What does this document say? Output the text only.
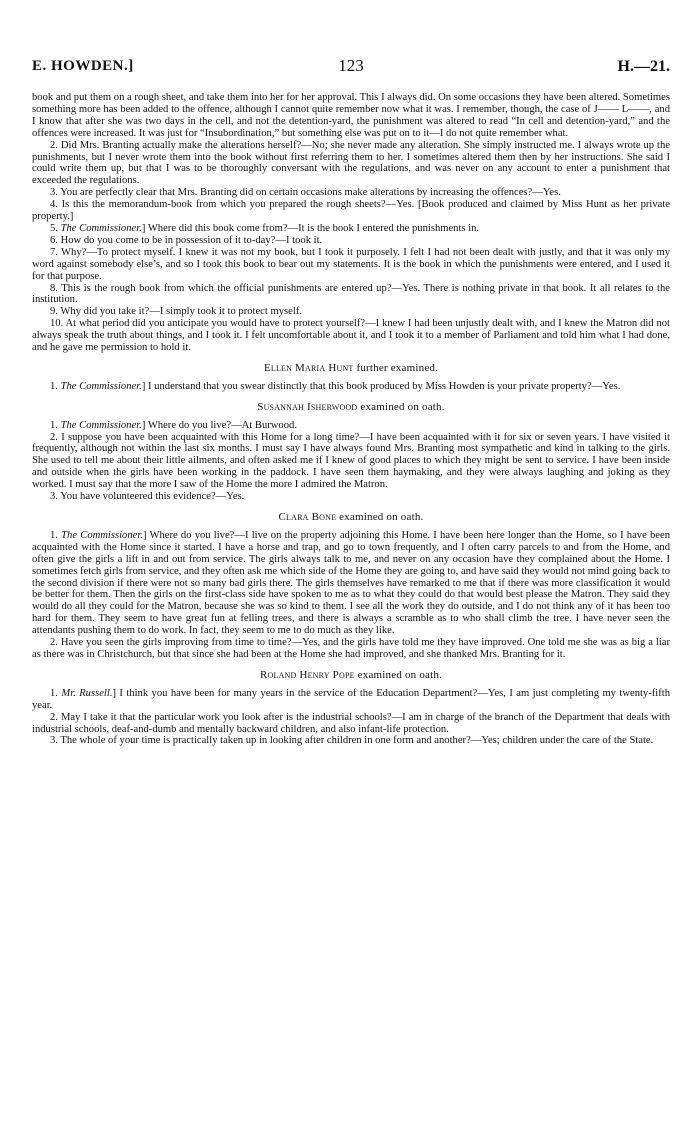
E. HOWDEN.]	123	H.—21.

book and put them on a rough sheet, and take them into her for her approval. This I always did. On some occasions they have been altered. Sometimes something more has been added to the offence, although I cannot quite remember now what it was. I remember, though, the case of J—— L——, and I know that after she was two days in the cell, and not the detention-yard, the punishment was altered to read “In cell and detention-yard,” and the offences were increased. It was just for “Insubordination,” but something else was put on to it—I do not quite remember what.

2. Did Mrs. Branting actually make the alterations herself?—No; she never made any alteration. She simply instructed me. I always wrote up the punishments, but I never wrote them into the book without first referring them to her. I sometimes altered them then by her instructions. She said I could write them up, but that I was to be thoroughly conversant with the regulations, and was never on any account to enter a punishment that exceeded the regulations.

3. You are perfectly clear that Mrs. Branting did on certain occasions make alterations by increasing the offences?—Yes.

4. Is this the memorandum-book from which you prepared the rough sheets?—Yes. [Book produced and claimed by Miss Hunt as her private property.]

5. The Commissioner.] Where did this book come from?—It is the book I entered the punishments in.

6. How do you come to be in possession of it to-day?—I took it.

7. Why?—To protect myself. I knew it was not my book, but I took it purposely. I felt I had not been dealt with justly, and that it was only my word against somebody else’s, and so I took this book to bear out my statements. It is the book in which the punishments were entered, and I used it for that purpose.

8. This is the rough book from which the official punishments are entered up?—Yes. There is nothing private in that book. It all relates to the institution.

9. Why did you take it?—I simply took it to protect myself.

10. At what period did you anticipate you would have to protect yourself?—I knew I had been unjustly dealt with, and I knew the Matron did not always speak the truth about things, and I took it. I felt uncomfortable about it, and I took it to a member of Parliament and told him what I had done, and he gave me permission to hold it.

Ellen Maria Hunt further examined.

1. The Commissioner.] I understand that you swear distinctly that this book produced by Miss Howden is your private property?—Yes.

Susannah Isherwood examined on oath.

1. The Commissioner.] Where do you live?—At Burwood.

2. I suppose you have been acquainted with this Home for a long time?—I have been acquainted with it for six or seven years. I have visited it frequently, although not within the last six months. I must say I have always found Mrs. Branting most sympathetic and kind in talking to the girls. She used to tell me about their little ailments, and often asked me if I knew of good places to which they might be sent to service. I have been inside and outside when the girls have been working in the paddock. I have seen them haymaking, and they were always laughing and joking as they worked. I must say that the more I saw of the Home the more I admired the Matron.

3. You have volunteered this evidence?—Yes.

Clara Bone examined on oath.

1. The Commissioner.] Where do you live?—I live on the property adjoining this Home. I have been here longer than the Home, so I have been acquainted with the Home since it started. I have a horse and trap, and go to town frequently, and I often carry parcels to and from the Home, and often give the girls a lift in and out from service. The girls always talk to me, and never on any occasion have they complained about the Home. I sometimes fetch girls from service, and they often ask me which side of the Home they are going to, and have said they would not mind going back to the second division if there were not so many bad girls there. The girls themselves have remarked to me that if there was more classification it would be better for them. Then the girls on the first-class side have spoken to me as to what they could do that would best please the Matron. They said they would do all they could for the Matron, because she was so kind to them. I see all the work they do outside, and I do not think any of it has been too hard for them. They seem to have great fun at felling trees, and there is always a scramble as to who shall climb the tree. I have never seen the attendants pushing them to do work. In fact, they seem to me to do much as they like.

2. Have you seen the girls improving from time to time?—Yes, and the girls have told me they have improved. One told me she was as big a liar as there was in Christchurch, but that since she had been at the Home she had improved, and she thanked Mrs. Branting for it.

Roland Henry Pope examined on oath.

1. Mr. Russell.] I think you have been for many years in the service of the Education Department?—Yes, I am just completing my twenty-fifth year.

2. May I take it that the particular work you look after is the industrial schools?—I am in charge of the branch of the Department that deals with industrial schools, deaf-and-dumb and mentally backward children, and also infant-life protection.

3. The whole of your time is practically taken up in looking after children in one form and another?—Yes; children under the care of the State.
